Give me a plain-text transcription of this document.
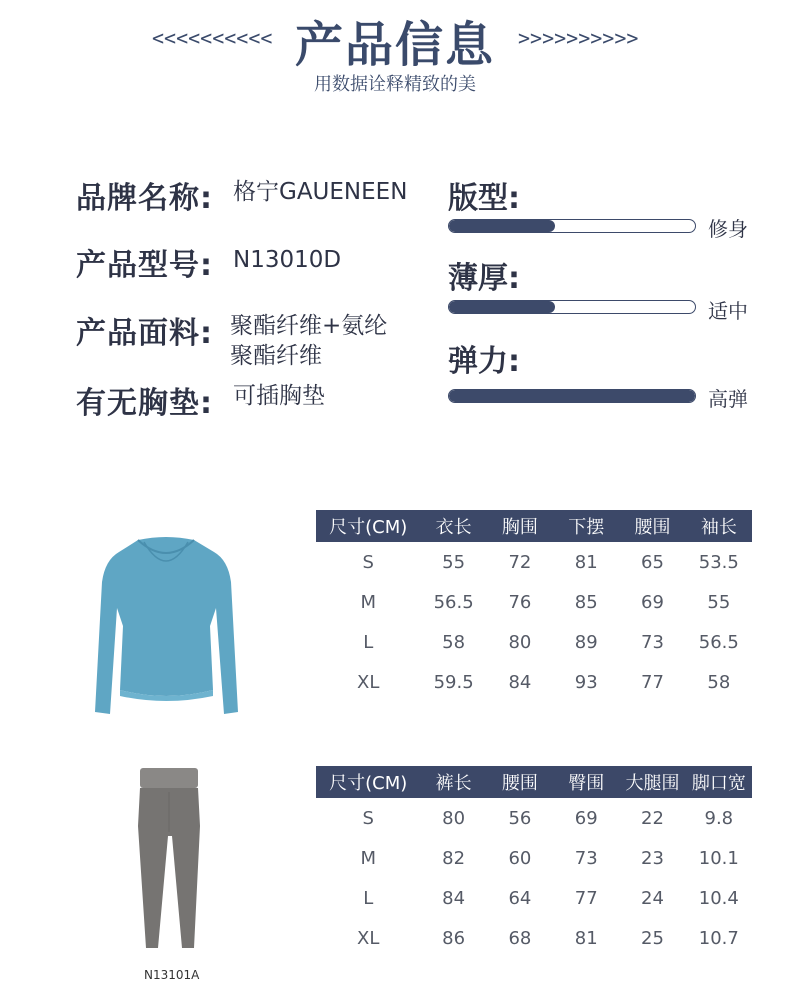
<<<<<<<<<< 产品信息	>>>>>>>>>>
用数据诠释精致的美
品牌名称: 格宁GAUENEEN
产品型号: N13010D
产品面料: 聚酯纤维+氨纶
聚酯纤维
有无胸垫: 可插胸垫
版型:
修身
薄厚:
适中
弹力:
高弹
N13101A
尺寸(CM)	衣长	胸围	下摆	腰围	袖长
S	55	72	81	65	53.5
M	56.5	76	85	69	55
L	58	80	89	73	56.5
XL	59.5	84	93	77	58
尺寸(CM)	裤长	腰围	臀围	大腿围	脚口宽
S	80	56	69	22	9.8
M	82	60	73	23	10.1
L	84	64	77	24	10.4
XL	86	68	81	25	10.7
